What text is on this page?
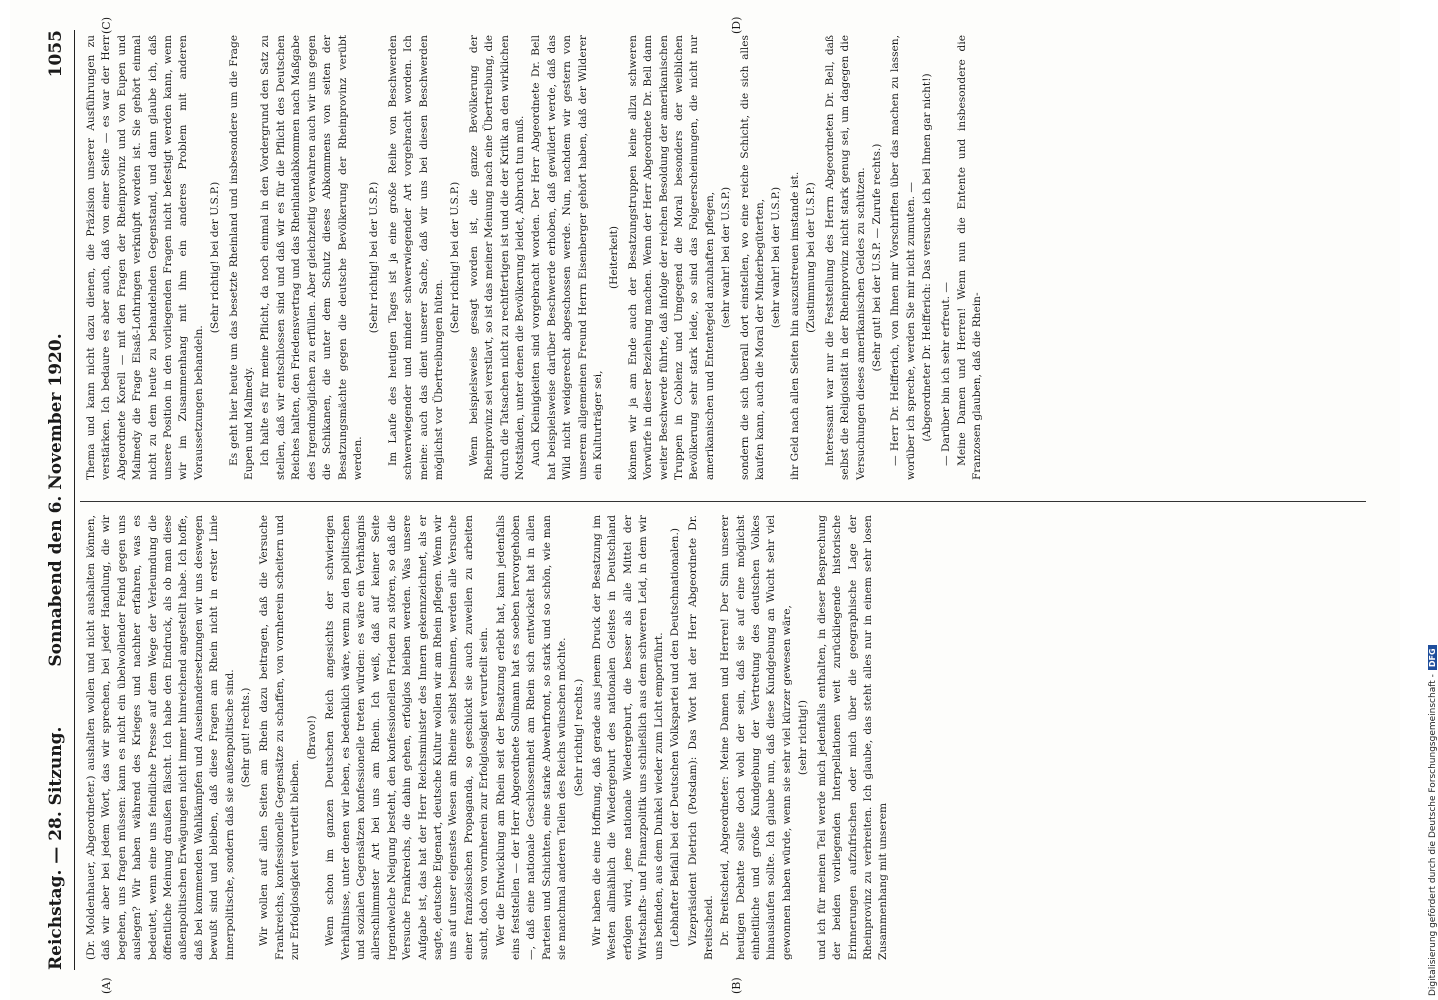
Reichstag. — 28. Sitzung.
Sonnabend den 6. November 1920.
1055
(A)	(B)
(C)	(D)

(Dr. Moldenhauer, Abgeordneter.) aushalten wollen und nicht aushalten können, daß wir aber bei jedem Wort, das wir sprechen, bei jeder Handlung, die wir begehen, uns fragen müssen: kann es nicht ein übelwollender Feind gegen uns auslegen? Wir haben während des Krieges und nachher erfahren, was es bedeutet, wenn eine uns feindliche Presse auf dem Wege der Verleumdung die öffentliche Meinung draußen fälscht. Ich habe den Eindruck, als ob man diese außenpolitischen Erwägungen nicht immer hinreichend angestellt habe. Ich hoffe, daß bei kommenden Wahlkämpfen und Auseinandersetzungen wir uns deswegen bewußt sind und bleiben, daß diese Fragen am Rhein nicht in erster Linie innerpolitische, sondern daß sie außenpolitische sind. (Sehr gut! rechts.) Wir wollen auf allen Seiten am Rhein dazu beitragen, daß die Versuche Frankreichs, konfessionelle Gegensätze zu schaffen, von vornherein scheitern und zur Erfolglosigkeit verurteilt bleiben.

(Bravo!) Wenn schon im ganzen Deutschen Reich angesichts der schwierigen Verhältnisse, unter denen wir leben, es bedenklich wäre, wenn zu den politischen und sozialen Gegensätzen konfessionelle treten würden: es wäre ein Verhängnis allerschlimmster Art bei uns am Rhein. Ich weiß, daß auf keiner Seite irgendwelche Neigung besteht, den konfessionellen Frieden zu stören, so daß die Versuche Frankreichs, die dahin gehen, erfolglos bleiben werden. Was unsere Aufgabe ist, das hat der Herr Reichsminister des Innern gekennzeichnet, als er sagte, deutsche Eigenart, deutsche Kultur wollen wir am Rhein pflegen. Wenn wir uns auf unser eigenstes Wesen am Rheine selbst besinnen, werden alle Versuche einer französischen Propaganda, so geschickt sie auch zuweilen zu arbeiten sucht, doch von vornherein zur Erfolglosigkeit verurteilt sein. Wer die Entwicklung am Rhein seit der Besatzung erlebt hat, kann jedenfalls eins feststellen — der Herr Abgeordnete Sollmann hat es soeben hervorgehoben —, daß eine nationale Geschlossenheit am Rhein sich entwickelt hat in allen Parteien und Schichten, eine starke Abwehrfront, so stark und so schön, wie man sie manchmal anderen Teilen des Reichs wünschen möchte. (Sehr richtig! rechts.) Wir haben die eine Hoffnung, daß gerade aus jenem Druck der Besatzung im Westen allmählich die Wiedergeburt des nationalen Geistes in Deutschland erfolgen wird, jene nationale Wiedergeburt, die besser als alle Mittel der Wirtschafts- und Finanzpolitik uns schließlich aus dem schweren Leid, in dem wir uns befinden, aus dem Dunkel wieder zum Licht emporführt. (Lebhafter Beifall bei der Deutschen Volkspartei und den Deutschnationalen.) Vizepräsident Dietrich (Potsdam): Das Wort hat der Herr Abgeordnete Dr. Breitscheid. Dr. Breitscheid, Abgeordneter: Meine Damen und Herren! Der Sinn unserer heutigen Debatte sollte doch wohl der sein, daß sie auf eine möglichst einheitliche und große Kundgebung der Vertretung des deutschen Volkes hinauslaufen sollte. Ich glaube nun, daß diese Kundgebung an Wucht sehr viel gewonnen haben würde, wenn sie sehr viel kürzer gewesen wäre, (sehr richtig!) und ich für meinen Teil werde mich jedenfalls enthalten, in dieser Besprechung der beiden vorliegenden Interpellationen weit zurückliegende historische Erinnerungen aufzufrischen oder mich über die geographische Lage der Rheinprovinz zu verbreiten. Ich glaube, das steht alles nur in einem sehr losen Zusammenhang mit unserem

Thema und kann nicht dazu dienen, die Präzision unserer Ausführungen zu verstärken. Ich bedaure es aber auch, daß von einer Seite — es war der Herr Abgeordnete Korell — mit den Fragen der Rheinprovinz und von Eupen und Malmedy die Frage Elsaß-Lothringen verknüpft worden ist. Sie gehört einmal nicht zu dem heute zu behandelnden Gegenstand, und dann glaube ich, daß unsere Position in den vorliegenden Fragen nicht befestigt werden kann, wenn wir im Zusammenhang mit ihm ein anderes Problem mit anderen Voraussetzungen behandeln.

(Sehr richtig! bei der U.S.P.) Es geht hier heute um das besetzte Rheinland und insbesondere um die Frage Eupen und Malmedy. Ich halte es für meine Pflicht, da noch einmal in den Vordergrund den Satz zu stellen, daß wir entschlossen sind und daß wir es für die Pflicht des Deutschen Reiches halten, den Friedensvertrag und das Rheinlandabkommen nach Maßgabe des Irgendmöglichen zu erfüllen. Aber gleichzeitig verwahren auch wir uns gegen die Schikanen, die unter dem Schutz dieses Abkommens von seiten der Besatzungsmächte gegen die deutsche Bevölkerung der Rheinprovinz verübt werden.

(Sehr richtig! bei der U.S.P.) Im Laufe des heutigen Tages ist ja eine große Reihe von Beschwerden schwerwiegender und minder schwerwiegender Art vorgebracht worden. Ich meine: auch das dient unserer Sache, daß wir uns bei diesen Beschwerden möglichst vor Übertreibungen hüten.

(Sehr richtig! bei der U.S.P.) Wenn beispielsweise gesagt worden ist, die ganze Bevölkerung der Rheinprovinz sei verstlavt, so ist das meiner Meinung nach eine Übertreibung, die durch die Tatsachen nicht zu rechtfertigen ist und die der Kritik an den wirklichen Notständen, unter denen die Bevölkerung leidet, Abbruch tun muß. Auch Kleinigkeiten sind vorgebracht worden. Der Herr Abgeordnete Dr. Bell hat beispielsweise darüber Beschwerde erhoben, daß gewildert werde, daß das Wild nicht weidgerecht abgeschossen werde. Nun, nachdem wir gestern von unserem allgemeinen Freund Herrn Eisenberger gehört haben, daß der Wilderer ein Kulturträger sei,

(Heiterkeit) können wir ja am Ende auch der Besatzungstruppen keine allzu schweren Vorwürfe in dieser Beziehung machen. Wenn der Herr Abgeordnete Dr. Bell dann weiter Beschwerde führte, daß infolge der reichen Besoldung der amerikanischen Truppen in Coblenz und Umgegend die Moral besonders der weiblichen Bevölkerung sehr stark leide, so sind das Folgeerscheinungen, die nicht nur amerikanischen und Ententegeld anzuhaften pflegen, (sehr wahr! bei der U.S.P.) sondern die sich überall dort einstellen, wo eine reiche Schicht, die sich alles kaufen kann, auch die Moral der Minderbegüterten, (sehr wahr! bei der U.S.P.) ihr Geld nach allen Seiten hin auszustreuen imstande ist. (Zustimmung bei der U.S.P.) Interessant war nur die Feststellung des Herrn Abgeordneten Dr. Bell, daß selbst die Religiosität in der Rheinprovinz nicht stark genug sei, um dagegen die Versuchungen dieses amerikanischen Geldes zu schützen. (Sehr gut! bei der U.S.P. — Zurufe rechts.) — Herr Dr. Helfferich, von Ihnen mir Vorschriften über das machen zu lassen, worüber ich spreche, werden Sie mir nicht zumuten. — (Abgeordneter Dr. Helfferich: Das versuche ich bei Ihnen gar nicht!) — Darüber bin ich sehr erfreut. — Meine Damen und Herren! Wenn nun die Entente und insbesondere die Franzosen glauben, daß die Rhein-

Digitalisierung gefördert durch die Deutsche Forschungsgemeinschaft -DFG
